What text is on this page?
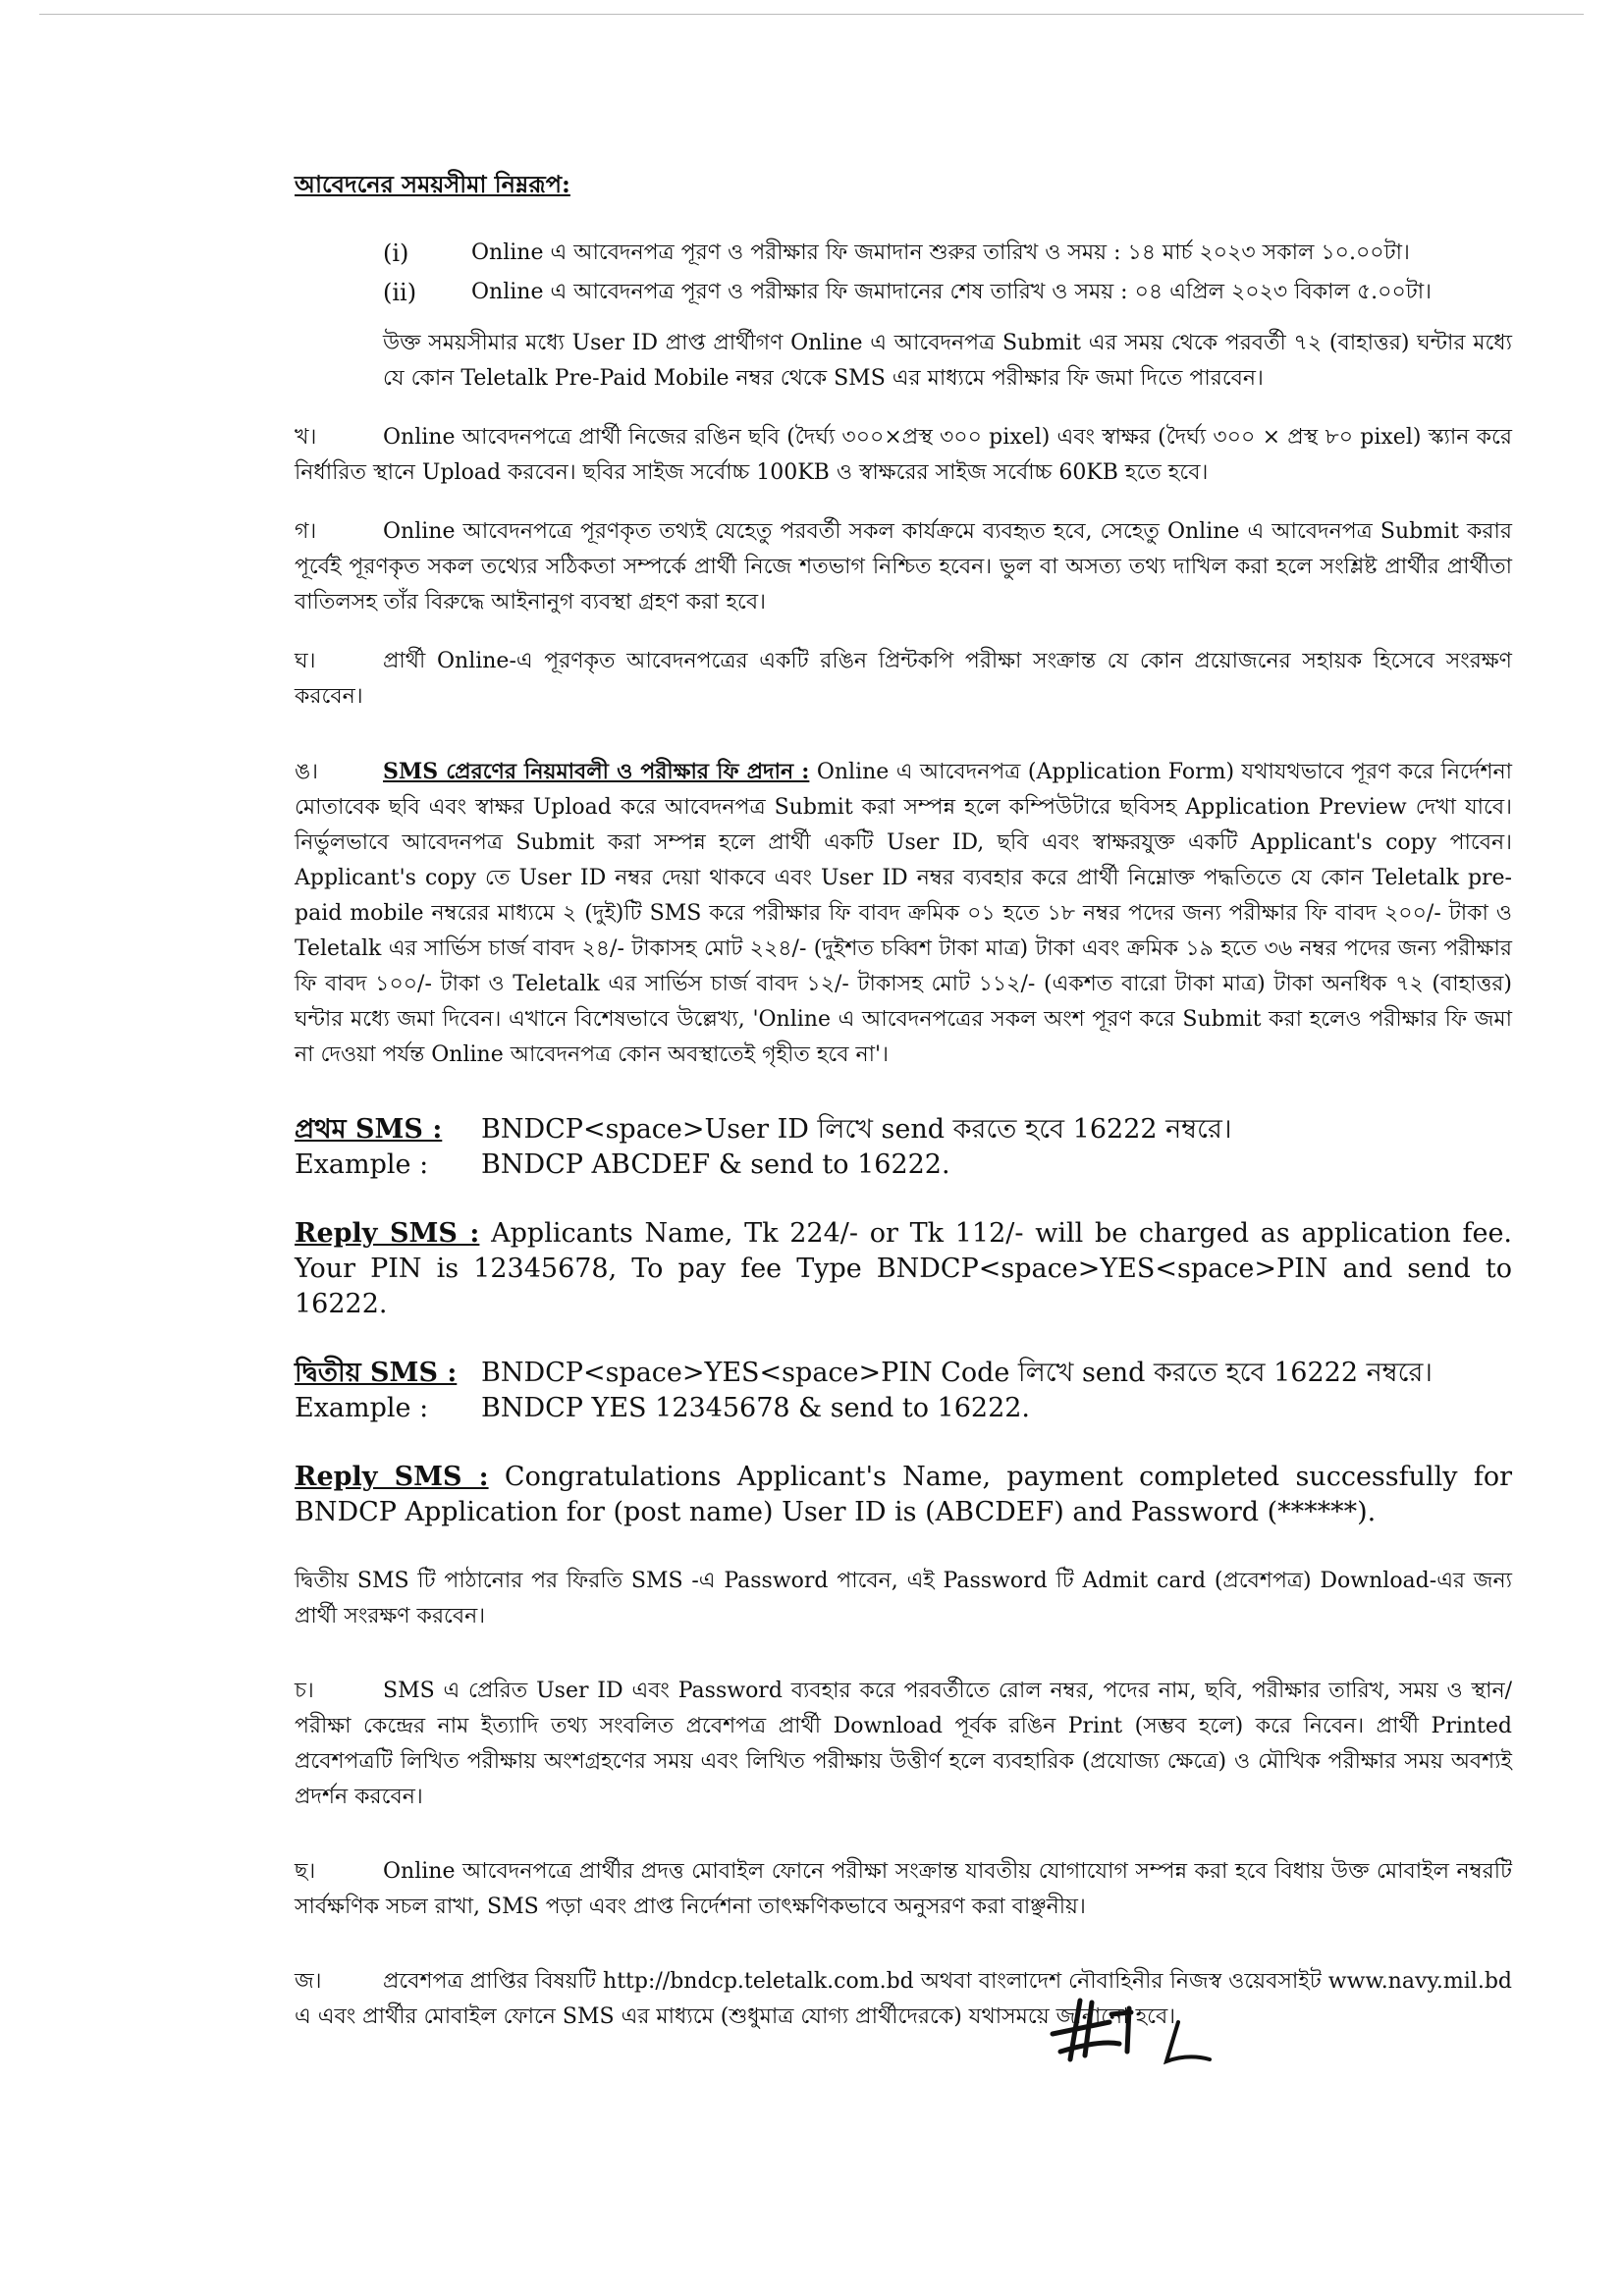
আবেদনের সময়সীমা নিম্নরূপ:
(i)	Online এ আবেদনপত্র পূরণ ও পরীক্ষার ফি জমাদান শুরুর তারিখ ও সময় : ১৪ মার্চ ২০২৩ সকাল ১০.০০টা।
(ii)	Online এ আবেদনপত্র পূরণ ও পরীক্ষার ফি জমাদানের শেষ তারিখ ও সময় : ০৪ এপ্রিল ২০২৩ বিকাল ৫.০০টা।

উক্ত সময়সীমার মধ্যে User ID প্রাপ্ত প্রার্থীগণ Online এ আবেদনপত্র Submit এর সময় থেকে পরবর্তী ৭২ (বাহাত্তর) ঘন্টার মধ্যে যে কোন Teletalk Pre-Paid Mobile নম্বর থেকে SMS এর মাধ্যমে পরীক্ষার ফি জমা দিতে পারবেন।

খ।	Online আবেদনপত্রে প্রার্থী নিজের রঙিন ছবি (দৈর্ঘ্য ৩০০×প্রস্থ ৩০০ pixel) এবং স্বাক্ষর (দৈর্ঘ্য ৩০০ × প্রস্থ ৮০ pixel) স্ক্যান করে নির্ধারিত স্থানে Upload করবেন। ছবির সাইজ সর্বোচ্চ 100KB ও স্বাক্ষরের সাইজ সর্বোচ্চ 60KB হতে হবে।

গ।	Online আবেদনপত্রে পূরণকৃত তথ্যই যেহেতু পরবর্তী সকল কার্যক্রমে ব্যবহৃত হবে, সেহেতু Online এ আবেদনপত্র Submit করার পূর্বেই পূরণকৃত সকল তথ্যের সঠিকতা সম্পর্কে প্রার্থী নিজে শতভাগ নিশ্চিত হবেন। ভুল বা অসত্য তথ্য দাখিল করা হলে সংশ্লিষ্ট প্রার্থীর প্রার্থীতা বাতিলসহ তাঁর বিরুদ্ধে আইনানুগ ব্যবস্থা গ্রহণ করা হবে।

ঘ।	প্রার্থী Online-এ পূরণকৃত আবেদনপত্রের একটি রঙিন প্রিন্টকপি পরীক্ষা সংক্রান্ত যে কোন প্রয়োজনের সহায়ক হিসেবে সংরক্ষণ করবেন।

ঙ।	SMS প্রেরণের নিয়মাবলী ও পরীক্ষার ফি প্রদান : Online এ আবেদনপত্র (Application Form) যথাযথভাবে পূরণ করে নির্দেশনা মোতাবেক ছবি এবং স্বাক্ষর Upload করে আবেদনপত্র Submit করা সম্পন্ন হলে কম্পিউটারে ছবিসহ Application Preview দেখা যাবে। নির্ভুলভাবে আবেদনপত্র Submit করা সম্পন্ন হলে প্রার্থী একটি User ID, ছবি এবং স্বাক্ষরযুক্ত একটি Applicant's copy পাবেন। Applicant's copy তে User ID নম্বর দেয়া থাকবে এবং User ID নম্বর ব্যবহার করে প্রার্থী নিম্নোক্ত পদ্ধতিতে যে কোন Teletalk pre-paid mobile নম্বরের মাধ্যমে ২ (দুই)টি SMS করে পরীক্ষার ফি বাবদ ক্রমিক ০১ হতে ১৮ নম্বর পদের জন্য পরীক্ষার ফি বাবদ ২০০/- টাকা ও Teletalk এর সার্ভিস চার্জ বাবদ ২৪/- টাকাসহ মোট ২২৪/- (দুইশত চব্বিশ টাকা মাত্র) টাকা এবং ক্রমিক ১৯ হতে ৩৬ নম্বর পদের জন্য পরীক্ষার ফি বাবদ ১০০/- টাকা ও Teletalk এর সার্ভিস চার্জ বাবদ ১২/- টাকাসহ মোট ১১২/- (একশত বারো টাকা মাত্র) টাকা অনধিক ৭২ (বাহাত্তর) ঘন্টার মধ্যে জমা দিবেন। এখানে বিশেষভাবে উল্লেখ্য, 'Online এ আবেদনপত্রের সকল অংশ পূরণ করে Submit করা হলেও পরীক্ষার ফি জমা না দেওয়া পর্যন্ত Online আবেদনপত্র কোন অবস্থাতেই গৃহীত হবে না'।

প্রথম SMS :	BNDCP<space>User ID লিখে send করতে হবে 16222 নম্বরে।
Example :	BNDCP ABCDEF & send to 16222.

Reply SMS : Applicants Name, Tk 224/- or Tk 112/- will be charged as application fee. Your PIN is 12345678, To pay fee Type BNDCP<space>YES<space>PIN and send to 16222.

দ্বিতীয় SMS : BNDCP<space>YES<space>PIN Code লিখে send করতে হবে 16222 নম্বরে।
Example :	BNDCP YES 12345678 & send to 16222.

Reply SMS : Congratulations Applicant's Name, payment completed successfully for BNDCP Application for (post name) User ID is (ABCDEF) and Password (******).

দ্বিতীয় SMS টি পাঠানোর পর ফিরতি SMS -এ Password পাবেন, এই Password টি Admit card (প্রবেশপত্র) Download-এর জন্য প্রার্থী সংরক্ষণ করবেন।

চ।	SMS এ প্রেরিত User ID এবং Password ব্যবহার করে পরবর্তীতে রোল নম্বর, পদের নাম, ছবি, পরীক্ষার তারিখ, সময় ও স্থান/পরীক্ষা কেন্দ্রের নাম ইত্যাদি তথ্য সংবলিত প্রবেশপত্র প্রার্থী Download পূর্বক রঙিন Print (সম্ভব হলে) করে নিবেন। প্রার্থী Printed প্রবেশপত্রটি লিখিত পরীক্ষায় অংশগ্রহণের সময় এবং লিখিত পরীক্ষায় উত্তীর্ণ হলে ব্যবহারিক (প্রযোজ্য ক্ষেত্রে) ও মৌখিক পরীক্ষার সময় অবশ্যই প্রদর্শন করবেন।

ছ।	Online আবেদনপত্রে প্রার্থীর প্রদত্ত মোবাইল ফোনে পরীক্ষা সংক্রান্ত যাবতীয় যোগাযোগ সম্পন্ন করা হবে বিধায় উক্ত মোবাইল নম্বরটি সার্বক্ষণিক সচল রাখা, SMS পড়া এবং প্রাপ্ত নির্দেশনা তাৎক্ষণিকভাবে অনুসরণ করা বাঞ্ছনীয়।

জ।	প্রবেশপত্র প্রাপ্তির বিষয়টি http://bndcp.teletalk.com.bd অথবা বাংলাদেশ নৌবাহিনীর নিজস্ব ওয়েবসাইট www.navy.mil.bd এ এবং প্রার্থীর মোবাইল ফোনে SMS এর মাধ্যমে (শুধুমাত্র যোগ্য প্রার্থীদেরকে) যথাসময়ে জানানো হবে।
